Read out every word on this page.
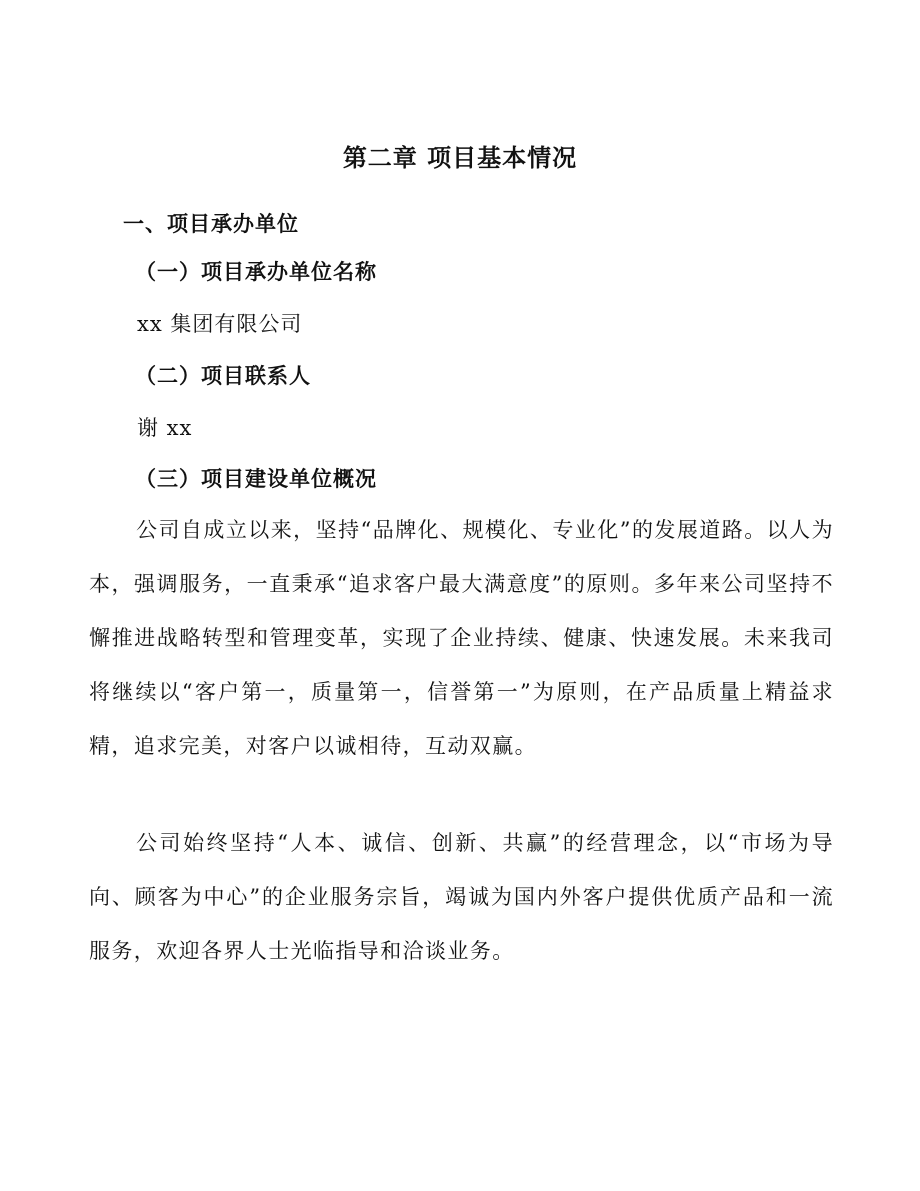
第二章 项目基本情况
一、项目承办单位
（一）项目承办单位名称
xx 集团有限公司
（二）项目联系人
谢 xx
（三）项目建设单位概况
公司自成立以来，坚持“品牌化、规模化、专业化”的发展道路。以人为本，强调服务，一直秉承“追求客户最大满意度”的原则。多年来公司坚持不懈推进战略转型和管理变革，实现了企业持续、健康、快速发展。未来我司将继续以“客户第一，质量第一，信誉第一”为原则，在产品质量上精益求精，追求完美，对客户以诚相待，互动双赢。
公司始终坚持“人本、诚信、创新、共赢”的经营理念，以“市场为导向、顾客为中心”的企业服务宗旨，竭诚为国内外客户提供优质产品和一流服务，欢迎各界人士光临指导和洽谈业务。
